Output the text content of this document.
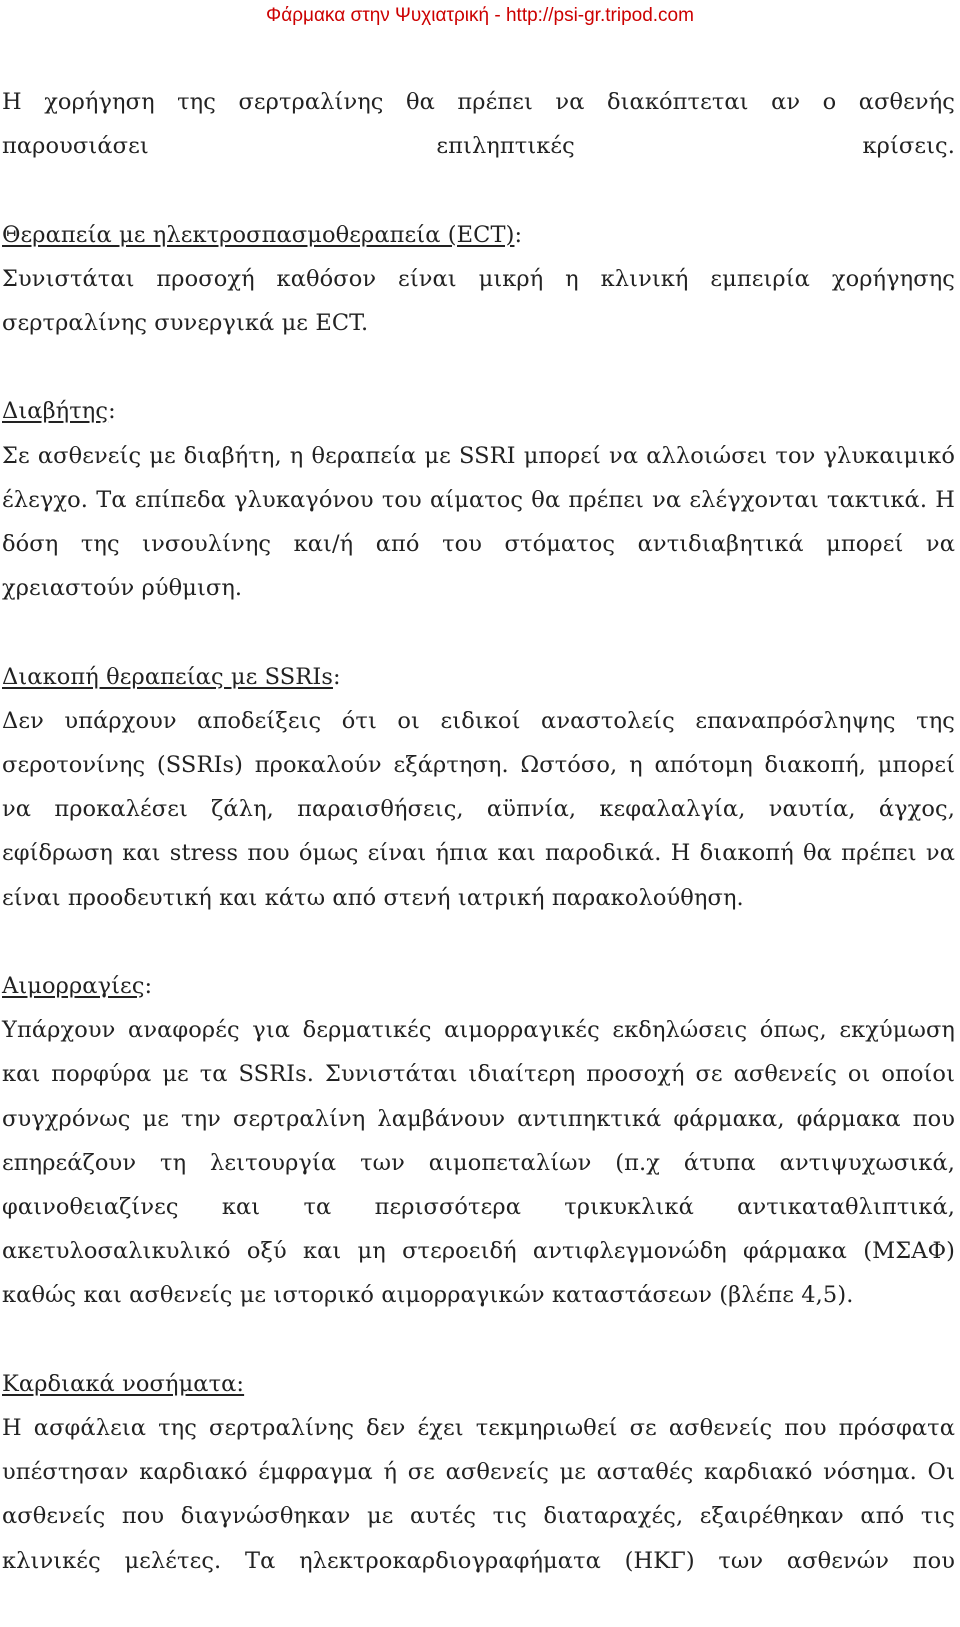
Φάρμακα στην Ψυχιατρική - http://psi-gr.tripod.com

Η χορήγηση της σερτραλίνης θα πρέπει να διακόπτεται αν ο ασθενής παρουσιάσει επιληπτικές κρίσεις.

Θεραπεία με ηλεκτροσπασμοθεραπεία (ECT):
Συνιστάται προσοχή καθόσον είναι μικρή η κλινική εμπειρία χορήγησης σερτραλίνης συνεργικά με ECT.

Διαβήτης:
Σε ασθενείς με διαβήτη, η θεραπεία με SSRI μπορεί να αλλοιώσει τον γλυκαιμικό έλεγχο. Τα επίπεδα γλυκαγόνου του αίματος θα πρέπει να ελέγχονται τακτικά. Η δόση της ινσουλίνης και/ή από του στόματος αντιδιαβητικά μπορεί να χρειαστούν ρύθμιση.

Διακοπή θεραπείας με SSRIs:
Δεν υπάρχουν αποδείξεις ότι οι ειδικοί αναστολείς επαναπρόσληψης της σεροτονίνης (SSRIs) προκαλούν εξάρτηση. Ωστόσο, η απότομη διακοπή, μπορεί να προκαλέσει ζάλη, παραισθήσεις, αϋπνία, κεφαλαλγία, ναυτία, άγχος, εφίδρωση και stress που όμως είναι ήπια και παροδικά. Η διακοπή θα πρέπει να είναι προοδευτική και κάτω από στενή ιατρική παρακολούθηση.

Αιμορραγίες:
Υπάρχουν αναφορές για δερματικές αιμορραγικές εκδηλώσεις όπως, εκχύμωση και πορφύρα με τα SSRIs. Συνιστάται ιδιαίτερη προσοχή σε ασθενείς οι οποίοι συγχρόνως με την σερτραλίνη λαμβάνουν αντιπηκτικά φάρμακα, φάρμακα που επηρεάζουν τη λειτουργία των αιμοπεταλίων (π.χ άτυπα αντιψυχωσικά, φαινοθειαζίνες και τα περισσότερα τρικυκλικά αντικαταθλιπτικά, ακετυλοσαλικυλικό οξύ και μη στεροειδή αντιφλεγμονώδη φάρμακα (ΜΣΑΦ) καθώς και ασθενείς με ιστορικό αιμορραγικών καταστάσεων (βλέπε 4,5).

Καρδιακά νοσήματα:
Η ασφάλεια της σερτραλίνης δεν έχει τεκμηριωθεί σε ασθενείς που πρόσφατα υπέστησαν καρδιακό έμφραγμα ή σε ασθενείς με ασταθές καρδιακό νόσημα. Οι ασθενείς που διαγνώσθηκαν με αυτές τις διαταραχές, εξαιρέθηκαν από τις κλινικές μελέτες. Τα ηλεκτροκαρδιογραφήματα (ΗΚΓ) των ασθενών που
